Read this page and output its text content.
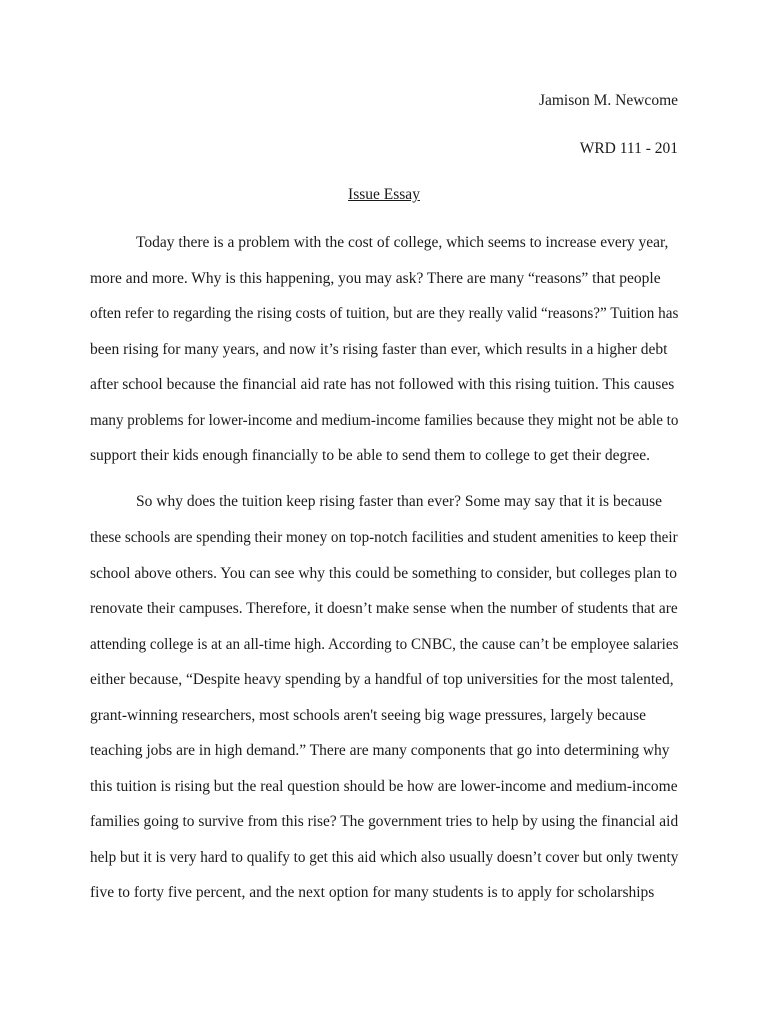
Jamison M. Newcome
WRD 111 - 201
Issue Essay
Today there is a problem with the cost of college, which seems to increase every year,
more and more. Why is this happening, you may ask? There are many “reasons” that people
often refer to regarding the rising costs of tuition, but are they really valid “reasons?” Tuition has
been rising for many years, and now it’s rising faster than ever, which results in a higher debt
after school because the financial aid rate has not followed with this rising tuition. This causes
many problems for lower-income and medium-income families because they might not be able to
support their kids enough financially to be able to send them to college to get their degree.
So why does the tuition keep rising faster than ever? Some may say that it is because
these schools are spending their money on top-notch facilities and student amenities to keep their
school above others. You can see why this could be something to consider, but colleges plan to
renovate their campuses. Therefore, it doesn’t make sense when the number of students that are
attending college is at an all-time high. According to CNBC, the cause can’t be employee salaries
either because, “Despite heavy spending by a handful of top universities for the most talented,
grant-winning researchers, most schools aren't seeing big wage pressures, largely because
teaching jobs are in high demand.” There are many components that go into determining why
this tuition is rising but the real question should be how are lower-income and medium-income
families going to survive from this rise? The government tries to help by using the financial aid
help but it is very hard to qualify to get this aid which also usually doesn’t cover but only twenty
five to forty five percent, and the next option for many students is to apply for scholarships
